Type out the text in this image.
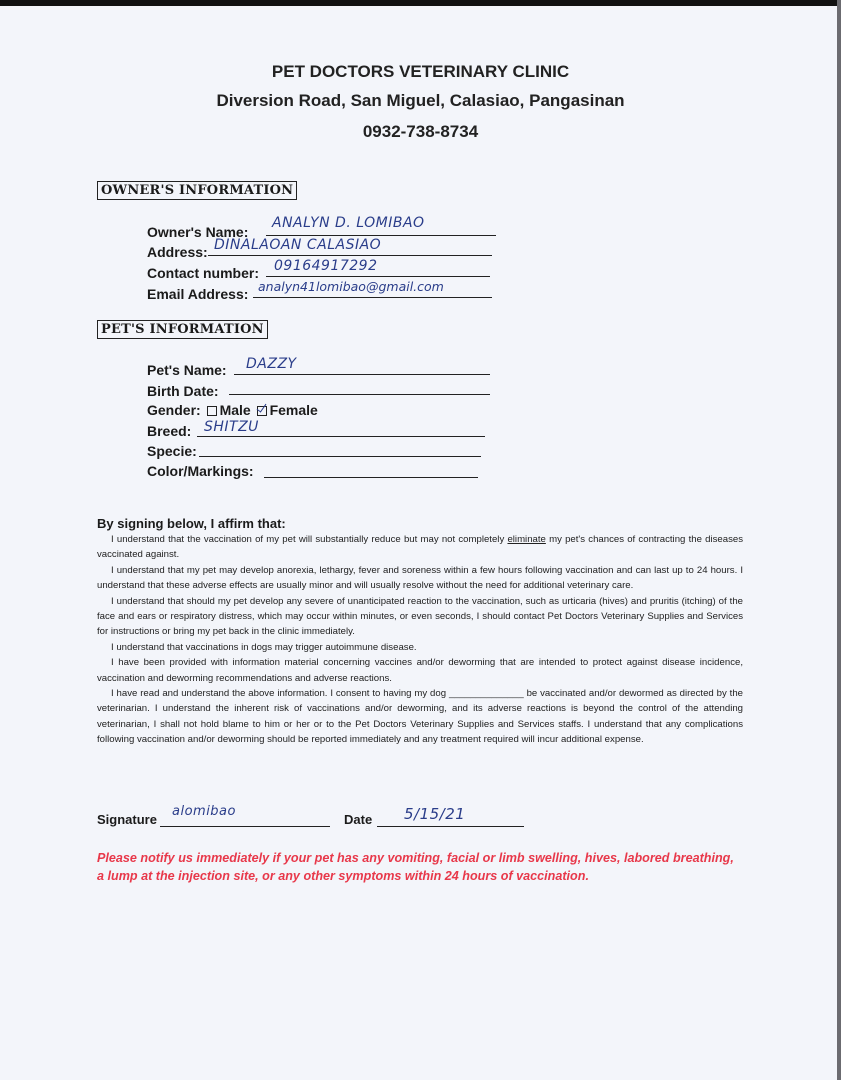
PET DOCTORS VETERINARY CLINIC
Diversion Road, San Miguel, Calasiao, Pangasinan
0932-738-8734
OWNER'S INFORMATION
Owner's Name:
ANALYN D. LOMIBAO
Address: DINALAOAN CALASIAO
Contact number: 09164917292
Email Address: analyn41lomibao@gmail.com
PET'S INFORMATION
Pet's Name: DAZZY
Birth Date:
Gender: Male Female
Breed: SHITZU
Specie:
Color/Markings:
By signing below, I affirm that:

I understand that the vaccination of my pet will substantially reduce but may not completely eliminate my pet's chances of contracting the diseases vaccinated against.

I understand that my pet may develop anorexia, lethargy, fever and soreness within a few hours following vaccination and can last up to 24 hours. I understand that these adverse effects are usually minor and will usually resolve without the need for additional veterinary care.

I understand that should my pet develop any severe of unanticipated reaction to the vaccination, such as urticaria (hives) and pruritis (itching) of the face and ears or respiratory distress, which may occur within minutes, or even seconds, I should contact Pet Doctors Veterinary Supplies and Services for instructions or bring my pet back in the clinic immediately.

I understand that vaccinations in dogs may trigger autoimmune disease.

I have been provided with information material concerning vaccines and/or deworming that are intended to protect against disease incidence, vaccination and deworming recommendations and adverse reactions.

I have read and understand the above information. I consent to having my dog ______________ be vaccinated and/or dewormed as directed by the veterinarian. I understand the inherent risk of vaccinations and/or deworming, and its adverse reactions is beyond the control of the attending veterinarian, I shall not hold blame to him or her or to the Pet Doctors Veterinary Supplies and Services staffs. I understand that any complications following vaccination and/or deworming should be reported immediately and any treatment required will incur additional expense.

Signature
alomibao
Date 5/15/21
Please notify us immediately if your pet has any vomiting, facial or limb swelling, hives, labored breathing, a lump at the injection site, or any other symptoms within 24 hours of vaccination.
